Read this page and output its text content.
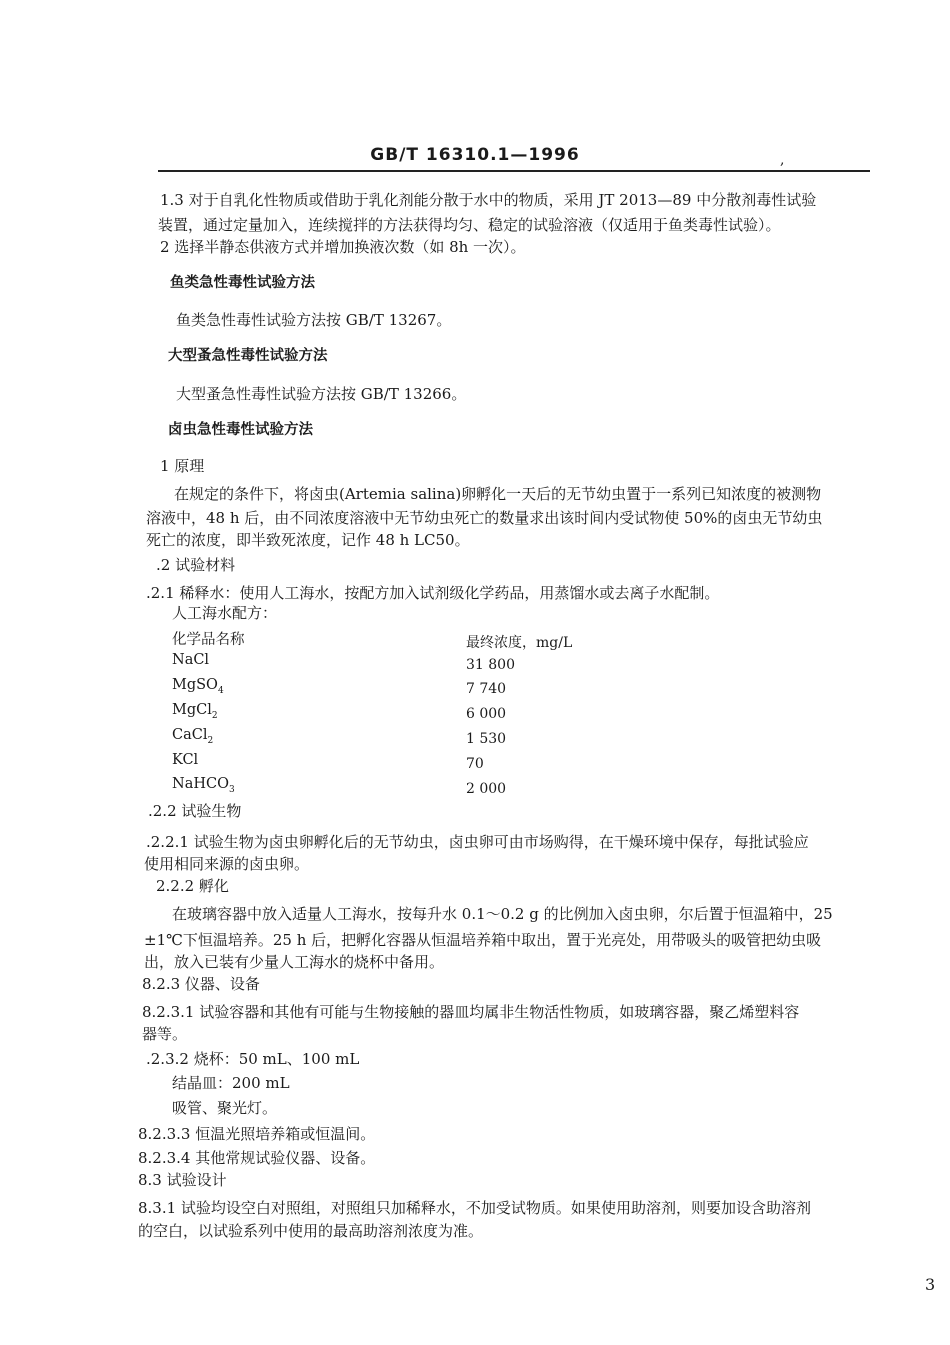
GB/T 16310.1—1996	,
1.3 对于自乳化性物质或借助于乳化剂能分散于水中的物质，采用 JT 2013—89 中分散剂毒性试验
装置，通过定量加入，连续搅拌的方法获得均匀、稳定的试验溶液（仅适用于鱼类毒性试验）。
2 选择半静态供液方式并增加换液次数（如 8h 一次）。
鱼类急性毒性试验方法
鱼类急性毒性试验方法按 GB/T 13267。
大型蚤急性毒性试验方法
大型蚤急性毒性试验方法按 GB/T 13266。
卤虫急性毒性试验方法
1 原理
在规定的条件下，将卤虫(Artemia salina)卵孵化一天后的无节幼虫置于一系列已知浓度的被测物
溶液中，48 h 后，由不同浓度溶液中无节幼虫死亡的数量求出该时间内受试物使 50%的卤虫无节幼虫
死亡的浓度，即半致死浓度，记作 48 h LC50。
.2 试验材料
.2.1 稀释水：使用人工海水，按配方加入试剂级化学药品，用蒸馏水或去离子水配制。
人工海水配方：
化学品名称	最终浓度，mg/L
NaCl	31 800
MgSO$_4$	7 740
MgCl$_2$	6 000
CaCl$_2$	1 530
KCl	70
NaHCO$_3$	2 000
.2.2 试验生物
.2.2.1 试验生物为卤虫卵孵化后的无节幼虫，卤虫卵可由市场购得，在干燥环境中保存，每批试验应
使用相同来源的卤虫卵。
2.2.2 孵化
在玻璃容器中放入适量人工海水，按每升水 0.1～0.2 g 的比例加入卤虫卵，尔后置于恒温箱中，25
±1℃下恒温培养。25 h 后，把孵化容器从恒温培养箱中取出，置于光亮处，用带吸头的吸管把幼虫吸
出，放入已装有少量人工海水的烧杯中备用。
8.2.3 仪器、设备
8.2.3.1 试验容器和其他有可能与生物接触的器皿均属非生物活性物质，如玻璃容器，聚乙烯塑料容
器等。
.2.3.2 烧杯：50 mL、100 mL
结晶皿：200 mL
吸管、聚光灯。
8.2.3.3 恒温光照培养箱或恒温间。
8.2.3.4 其他常规试验仪器、设备。
8.3 试验设计
8.3.1 试验均设空白对照组，对照组只加稀释水，不加受试物质。如果使用助溶剂，则要加设含助溶剂
的空白，以试验系列中使用的最高助溶剂浓度为准。
3
